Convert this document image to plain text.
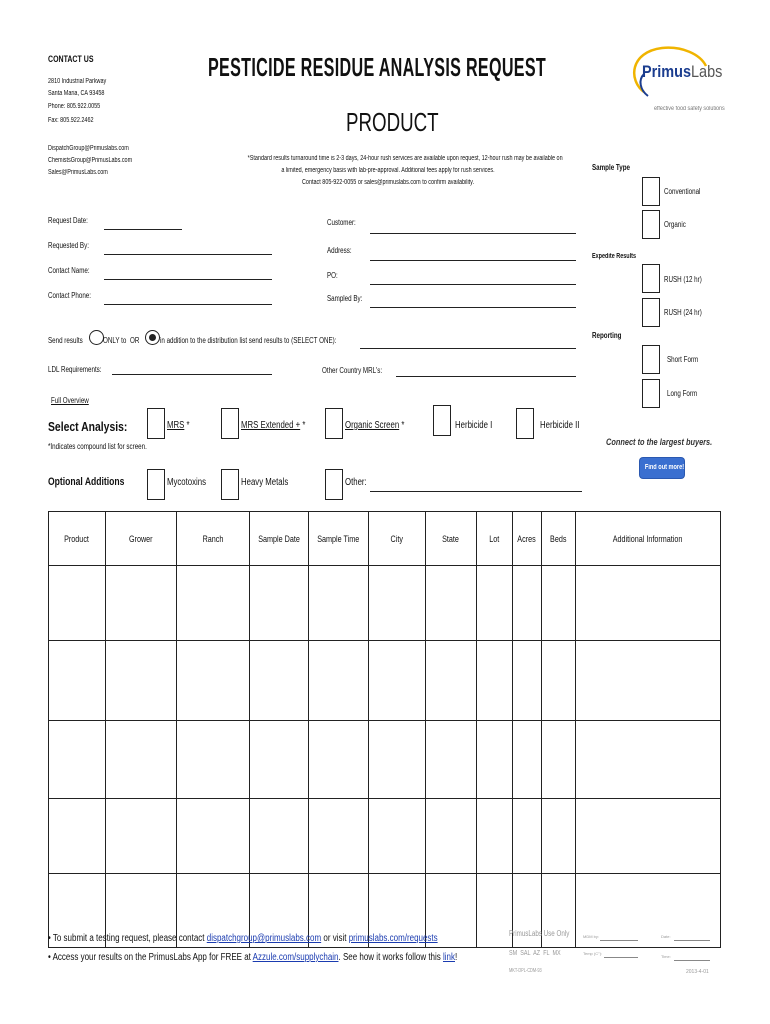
CONTACT US
2810 Industrial Parkway
Santa Maria, CA 93458
Phone: 805.922.0055
Fax: 805.922.2462
DispatchGroup@Primuslabs.com
ChemistsGroup@PrimusLabs.com
Sales@PrimusLabs.com
PESTICIDE RESIDUE ANALYSIS REQUEST
PRODUCT
PrimusLabs
effective food safety solutions
*Standard results turnaround time is 2-3 days, 24-hour rush services are available upon request, 12-hour rush may be available on
a limited, emergency basis with lab-pre-approval. Additional fees apply for rush services.
Contact 805-922-0055 or sales@primuslabs.com to confirm availability.
Sample Type
Conventional
Organic
Expedite Results
RUSH (12 hr)
RUSH (24 hr)
Reporting
Short Form
Long Form
Connect to the largest buyers.
Find out more!
Request Date:
Requested By:
Contact Name:
Contact Phone:
Customer:
Address:
PO:
Sampled By:
Send results	ONLY to OR	in addition to the distribution list send results to (SELECT ONE):
LDL Requirements:	Other Country MRL's:
Full Overview
Select Analysis:
*Indicates compound list for screen.
MRS *	MRS Extended + *	Organic Screen *	Herbicide I	Herbicide II
Optional Additions	Mycotoxins	Heavy Metals	Other:
Product	Grower	Ranch	Sample Date	Sample Time	City	State	Lot	Acres	Beds	Additional Information

• To submit a testing request, please contact dispatchgroup@primuslabs.com or visit primuslabs.com/requests
• Access your results on the PrimusLabs App for FREE at Azzule.com/supplychain. See how it works follow this link!
PrimusLabs Use Only
SM SAL AZ FL MX
MKT-DPL-CDM-93
MDM by:	Date:
Temp (C°):
Time:
2013-4-01
